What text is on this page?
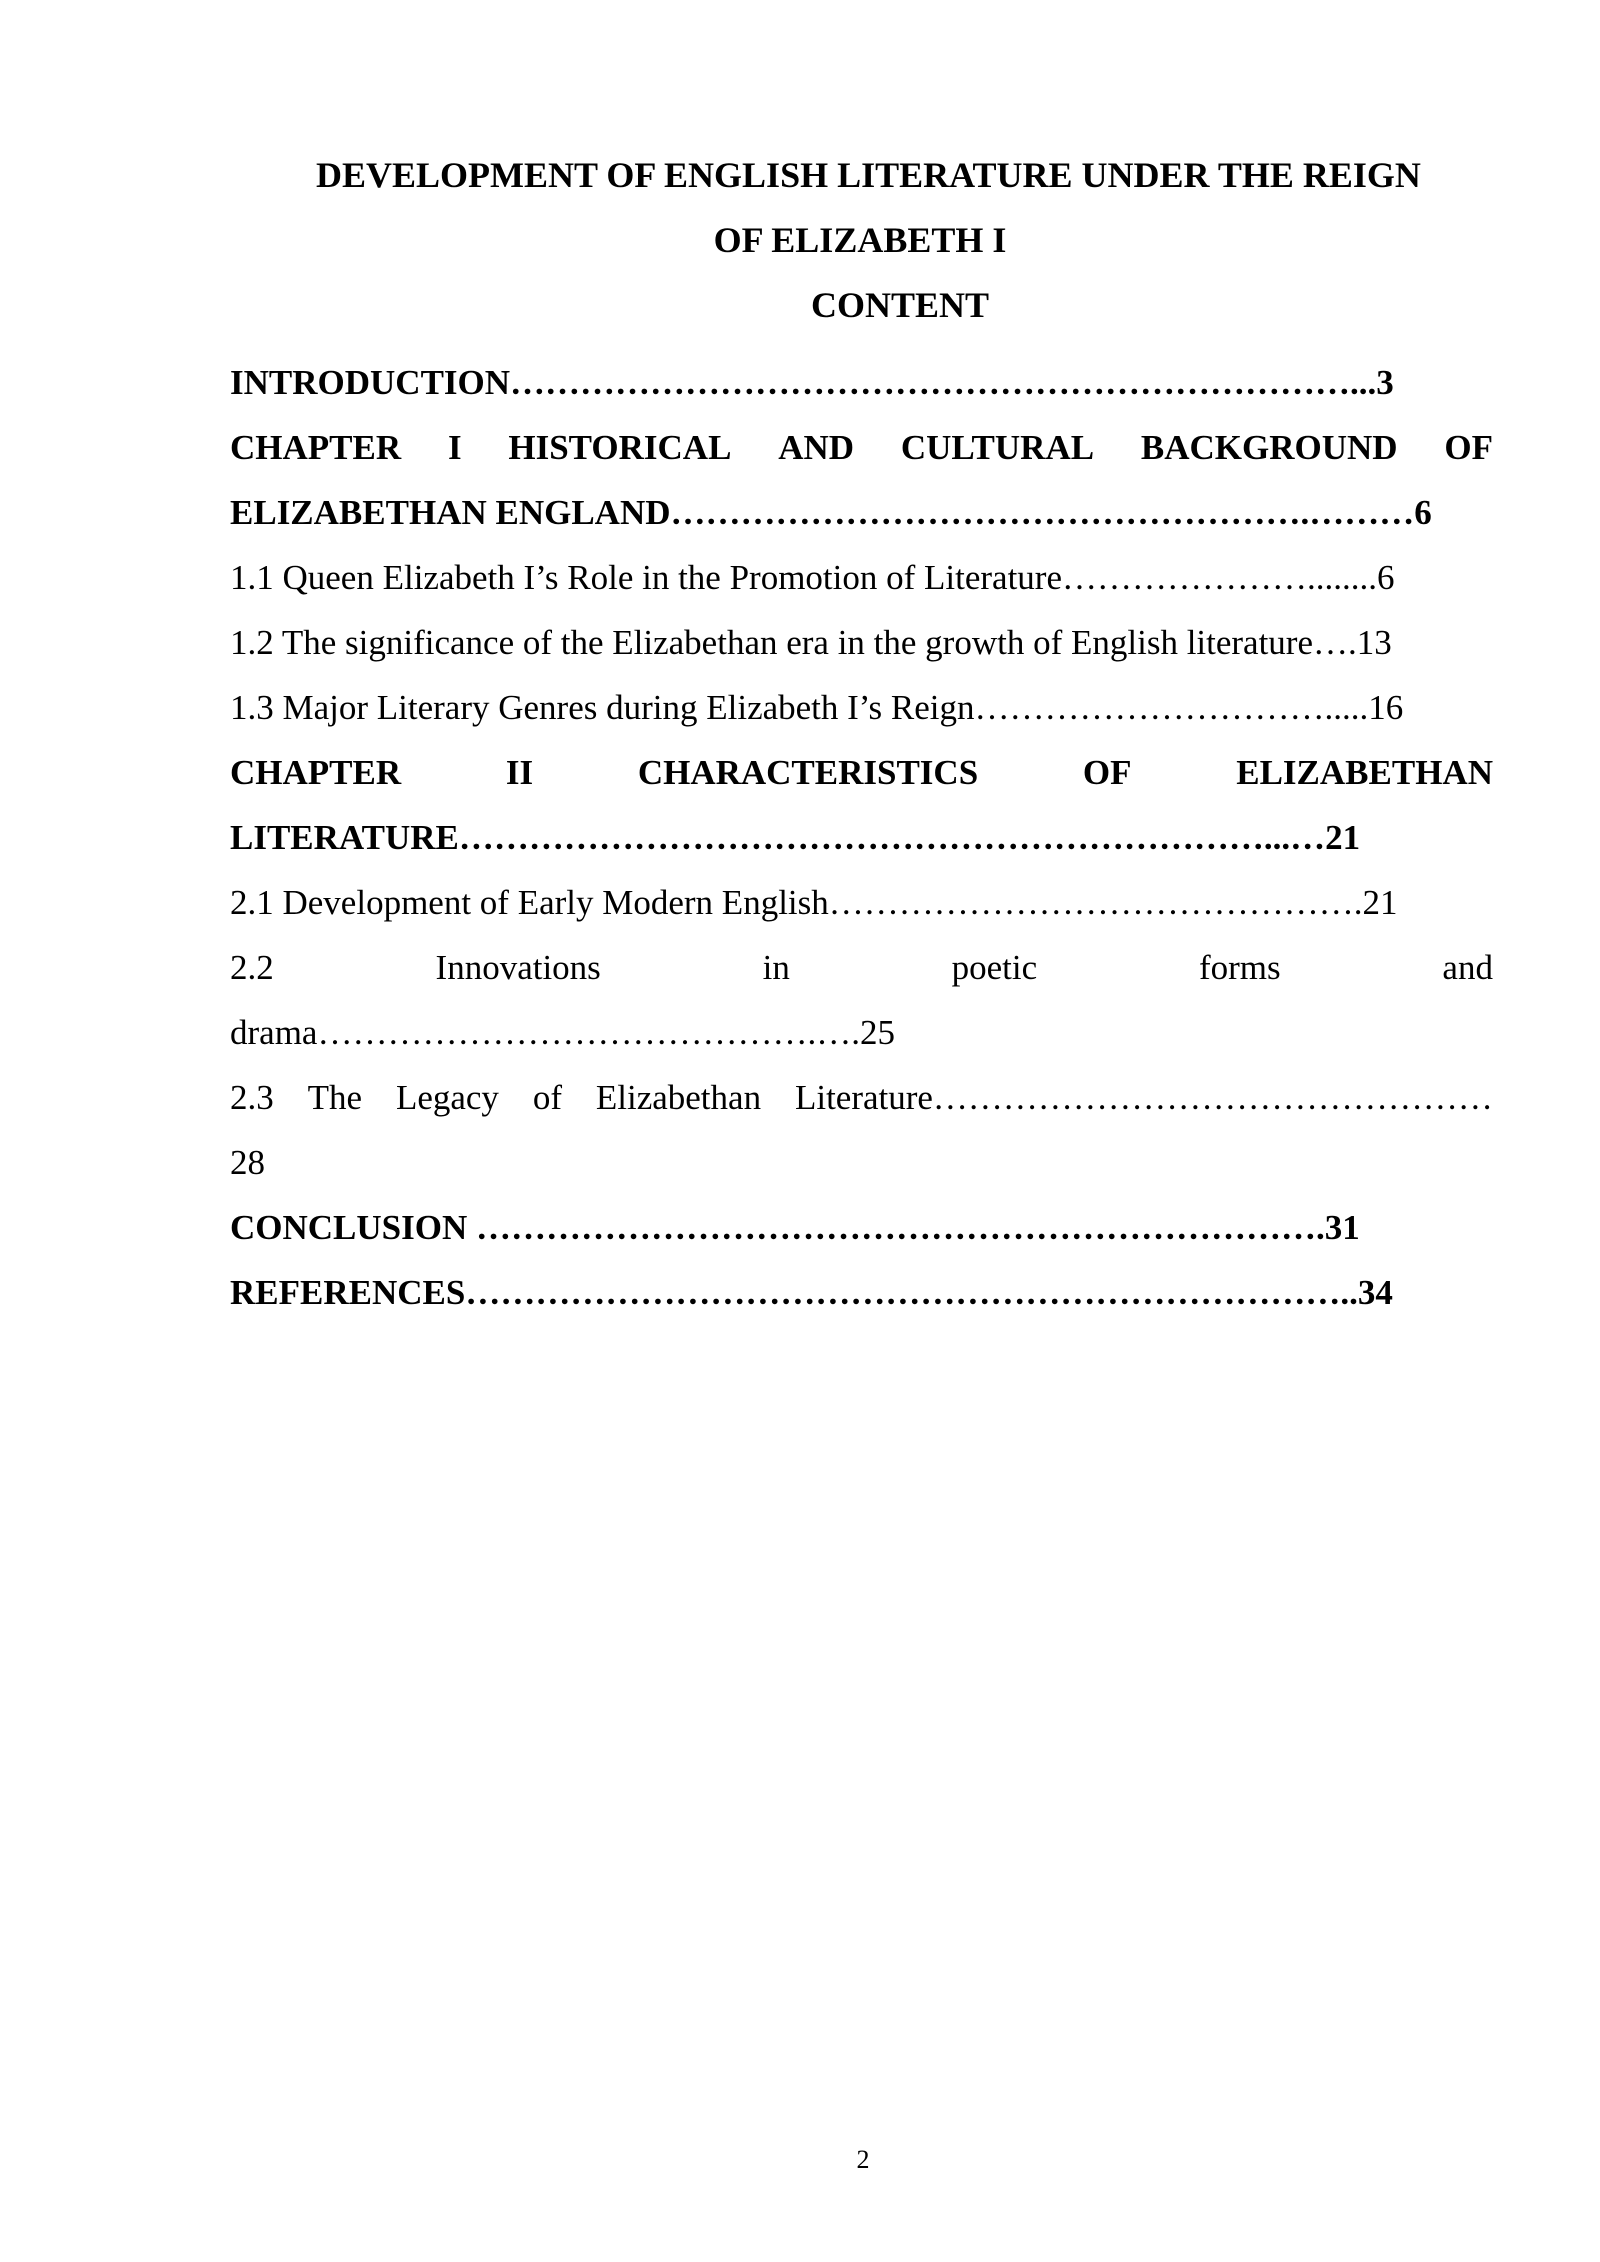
DEVELOPMENT OF ENGLISH LITERATURE UNDER THE REIGN
OF ELIZABETH I
CONTENT
INTRODUCTION………………………………………………………………...3
CHAPTER I HISTORICAL AND CULTURAL BACKGROUND OF
ELIZABETHAN ENGLAND……………………………………………….………6
1.1 Queen Elizabeth I’s Role in the Promotion of Literature…………………........6
1.2 The significance of the Elizabethan era in the growth of English literature….13
1.3 Major Literary Genres during Elizabeth I’s Reign………………………….....16
CHAPTER	II	CHARACTERISTICS	OF	ELIZABETHAN
LITERATURE……………………………………………………………...…21
2.1 Development of Early Modern English……………………………………….21
2.2	Innovations	in	poetic	forms	and
drama…………………………………….….25
2.3 The Legacy of Elizabethan Literature…………………………………………
28
CONCLUSION ……………………………………………………………….31
REFERENCES…………………………………………………………………..34
2
